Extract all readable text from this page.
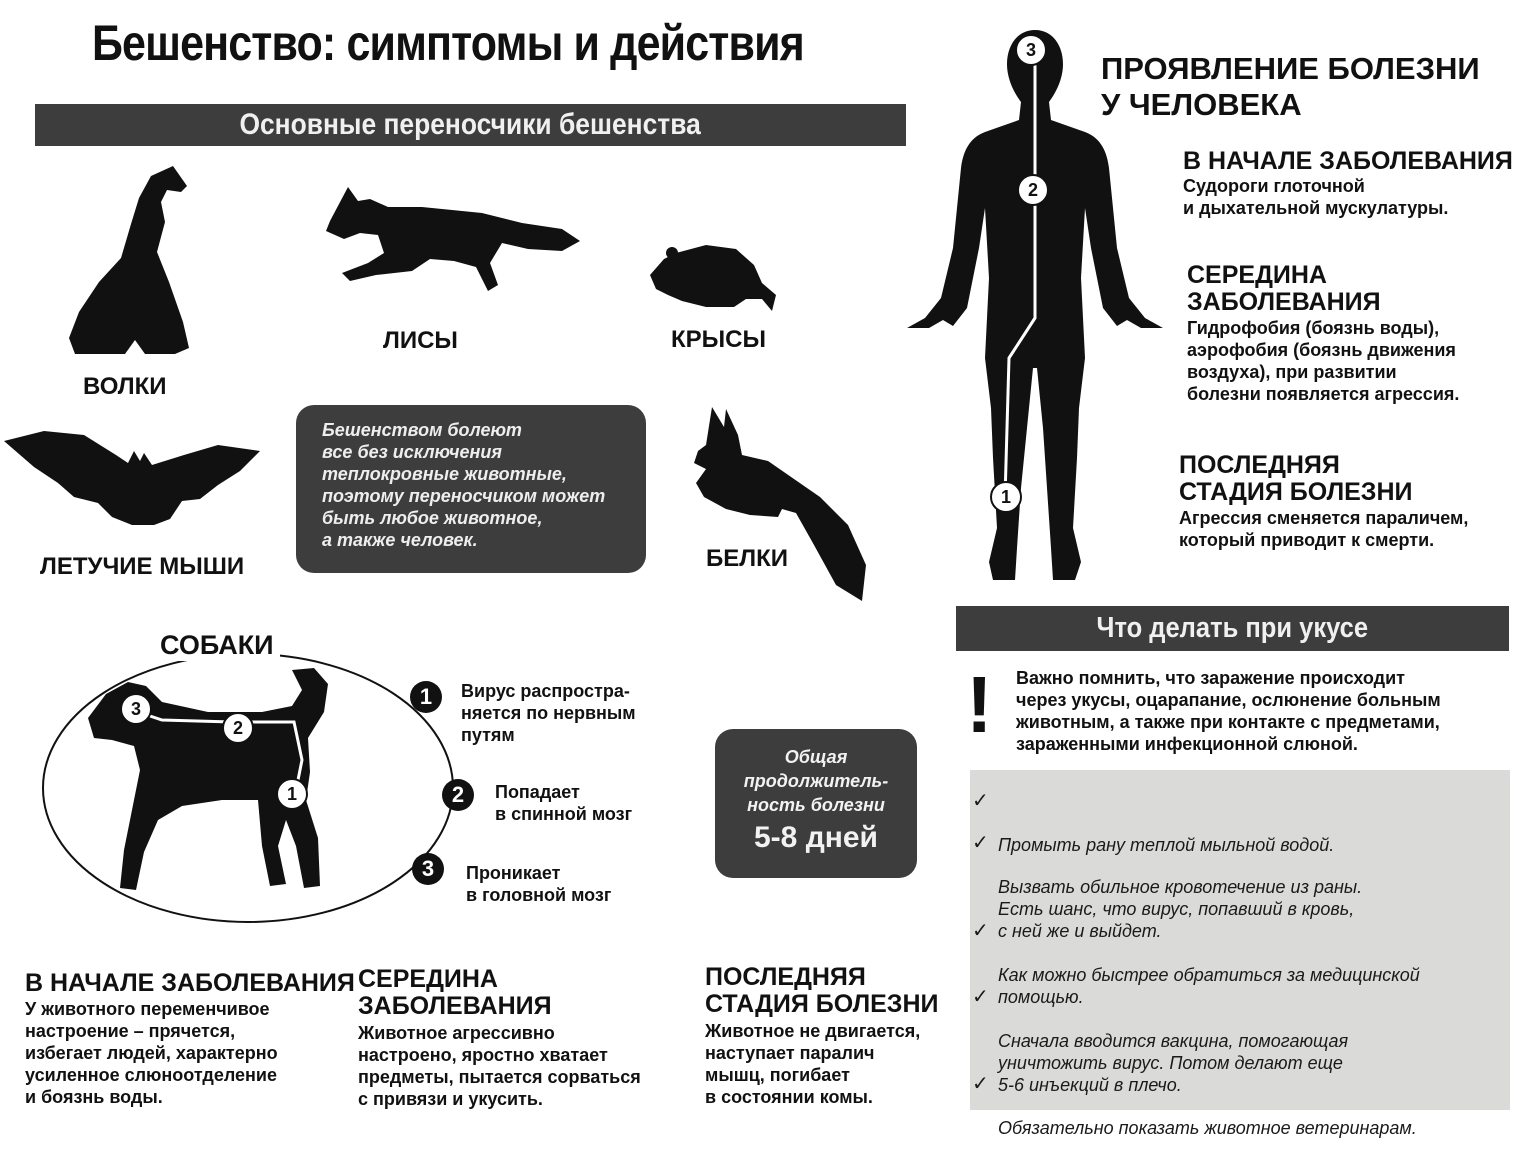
Бешенство: симптомы и действия
Основные переносчики бешенства
ВОЛКИ
ЛИСЫ	КРЫСЫ
ЛЕТУЧИЕ МЫШИ	БЕЛКИ
Бешенством болеют
все без исключения
теплокровные животные,
поэтому переносчиком может
быть любое животное,
а также человек.
СОБАКИ
3
2
1
1	Вирус распростра-
няется по нервным
путям
2	Попадает
в спинной мозг
3	Проникает
в головной мозг
Общая
продолжитель-
ность болезни
5-8 дней
В НАЧАЛЕ ЗАБОЛЕВАНИЯ
У животного переменчивое
настроение – прячется,
избегает людей, характерно
усиленное слюноотделение
и боязнь воды.
СЕРЕДИНА
ЗАБОЛЕВАНИЯ
Животное агрессивно
настроено, яростно хватает
предметы, пытается сорваться
с привязи и укусить.
ПОСЛЕДНЯЯ
СТАДИЯ БОЛЕЗНИ
Животное не двигается,
наступает паралич
мышц, погибает
в состоянии комы.
3
2
1
ПРОЯВЛЕНИЕ БОЛЕЗНИ
У ЧЕЛОВЕКА
В НАЧАЛЕ ЗАБОЛЕВАНИЯ
Судороги глоточной
и дыхательной мускулатуры.
СЕРЕДИНА
ЗАБОЛЕВАНИЯ
Гидрофобия (боязнь воды),
аэрофобия (боязнь движения
воздуха), при развитии
болезни появляется агрессия.
ПОСЛЕДНЯЯ
СТАДИЯ БОЛЕЗНИ
Агрессия сменяется параличем,
который приводит к смерти.
Что делать при укусе
! Важно помнить, что заражение происходит
через укусы, оцарапание, ослюнение больным
животным, а также при контакте с предметами,
зараженными инфекционной слюной.

✓

Промыть рану теплой мыльной водой.

✓

Вызвать обильное кровотечение из раны.
Есть шанс, что вирус, попавший в кровь,
с ней же и выйдет.

✓

Как можно быстрее обратиться за медицинской
помощью.

✓

Сначала вводится вакцина, помогающая
уничтожить вирус. Потом делают еще
5-6 инъекций в плечо.

✓

Обязательно показать животное ветеринарам.
